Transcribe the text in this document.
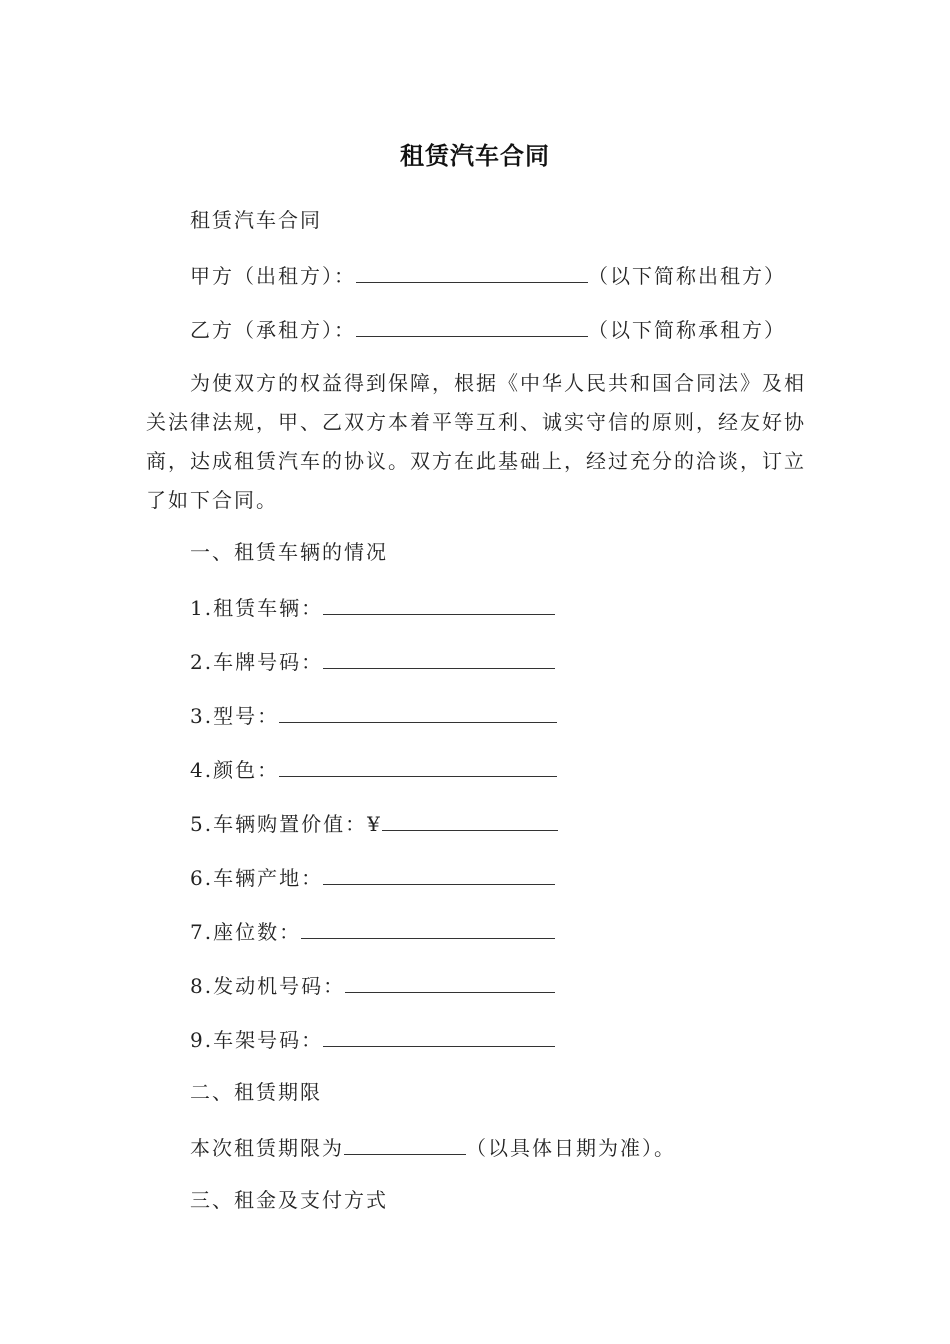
租赁汽车合同
租赁汽车合同
甲方（出租方）：	（以下简称出租方）
乙方（承租方）：	（以下简称承租方）
为使双方的权益得到保障，根据《中华人民共和国合同法》及相关法律法规，甲、乙双方本着平等互利、诚实守信的原则，经友好协商，达成租赁汽车的协议。双方在此基础上，经过充分的洽谈，订立了如下合同。
一、租赁车辆的情况
1.租赁车辆：
2.车牌号码：
3.型号：
4.颜色：
5.车辆购置价值：¥
6.车辆产地：
7.座位数：
8.发动机号码：
9.车架号码：
二、租赁期限
本次租赁期限为	（以具体日期为准）。
三、租金及支付方式
